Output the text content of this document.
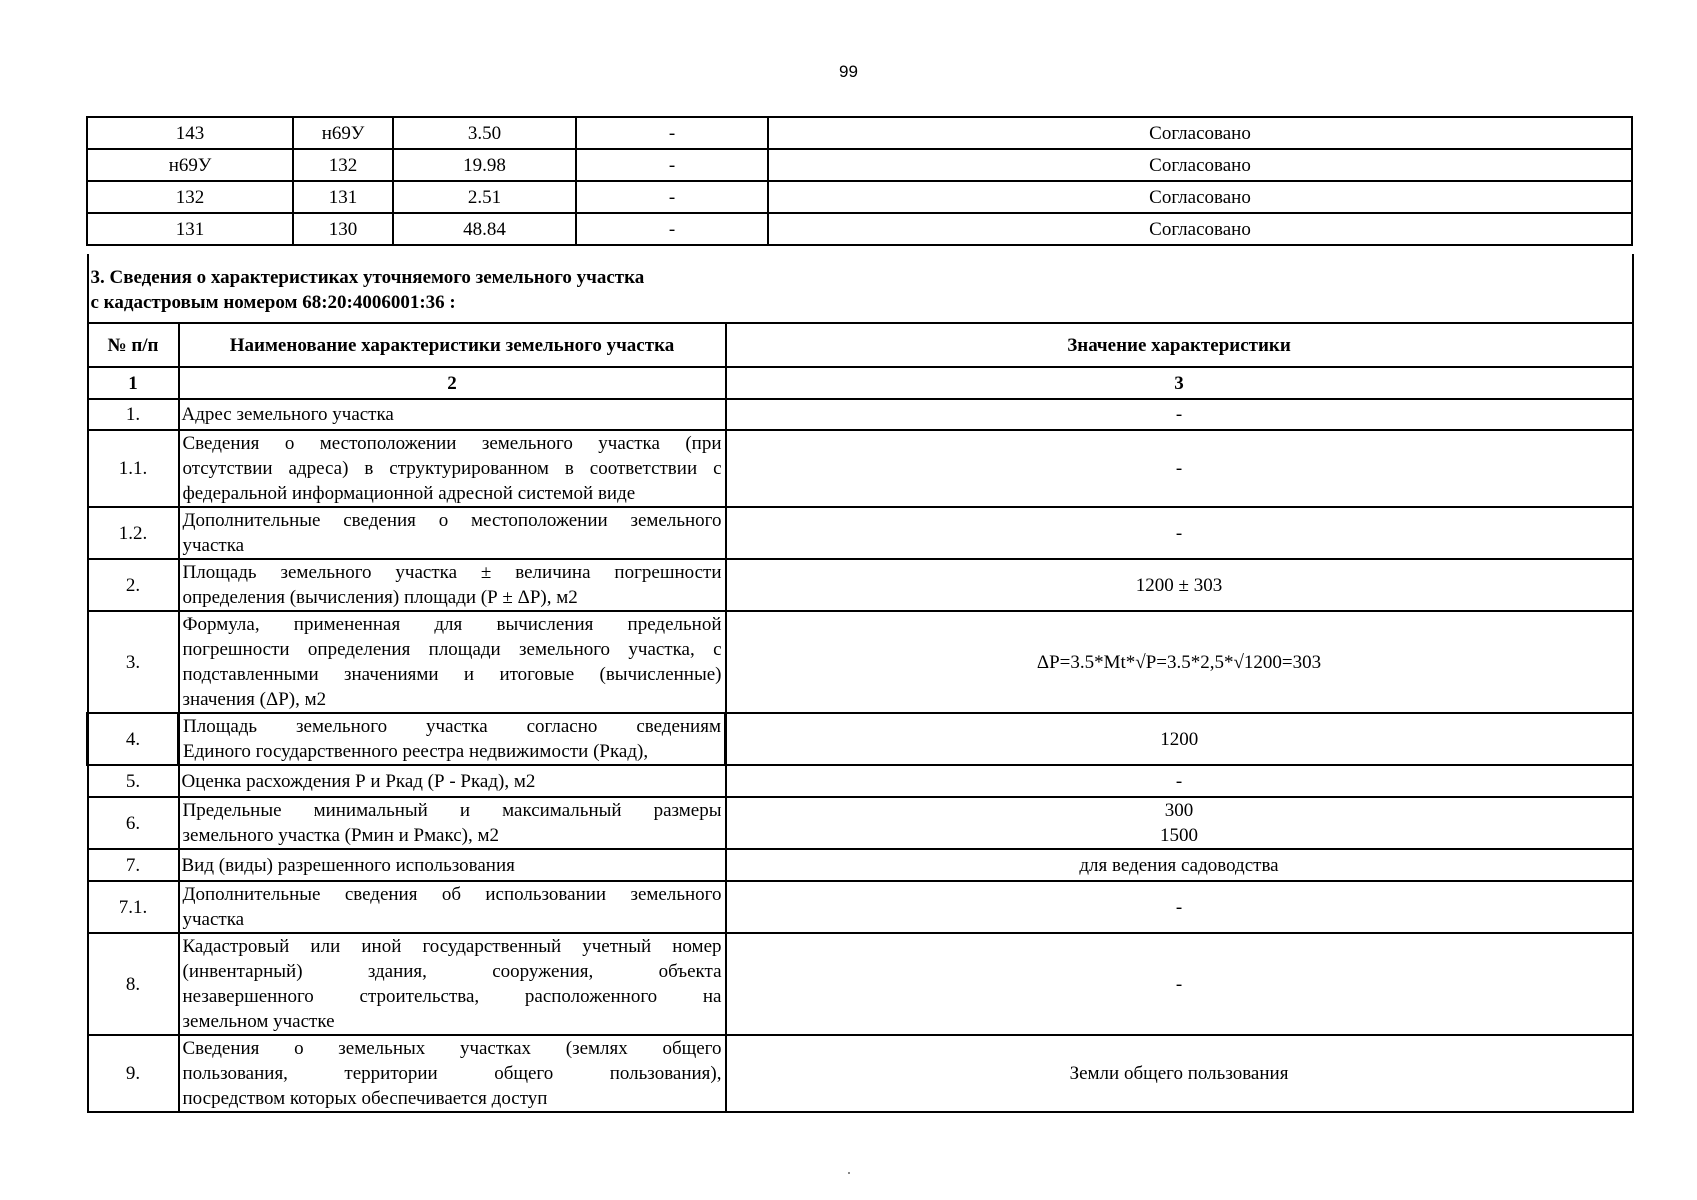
99
143	н69У	3.50	-	Согласовано
н69У	132	19.98	-	Согласовано
132	131	2.51	-	Согласовано
131	130	48.84	-	Согласовано
3. Сведения о характеристиках уточняемого земельного участка
с кадастровым номером 68:20:4006001:36 :		

№ п/п	Наименование характеристики земельного участка	Значение характеристики
1	2	3
1.	Адрес земельного участка	-
1.1.	Сведения о местоположении земельного участка (при
отсутствии адреса) в структурированном в соответствии с
федеральной информационной адресной системой виде	-
1.2.	Дополнительные сведения о местоположении земельного
участка	-
2.	Площадь земельного участка ± величина погрешности
определения (вычисления) площади (Р ± ΔР), м2	1200 ± 303
3.	Формула, примененная для вычисления предельной
погрешности определения площади земельного участка, с
подставленными значениями и итоговые (вычисленные)
значения (ΔР), м2	ΔР=3.5*Mt*√Р=3.5*2,5*√1200=303
4.	Площадь земельного участка согласно сведениям
Единого государственного реестра недвижимости (Ркад),	1200
5.	Оценка расхождения Р и Ркад (Р - Ркад), м2	-
6.	Предельные минимальный и максимальный размеры
земельного участка (Рмин и Рмакс), м2	300
1500

7.	Вид (виды) разрешенного использования	для ведения садоводства
7.1.	Дополнительные сведения об использовании земельного
участка	-
8.	Кадастровый или иной государственный учетный номер
(инвентарный) здания, сооружения, объекта
незавершенного строительства, расположенного на
земельном участке	-
9.	Сведения о земельных участках (землях общего
пользования, территории общего пользования),
посредством которых обеспечивается доступ	Земли общего пользования
